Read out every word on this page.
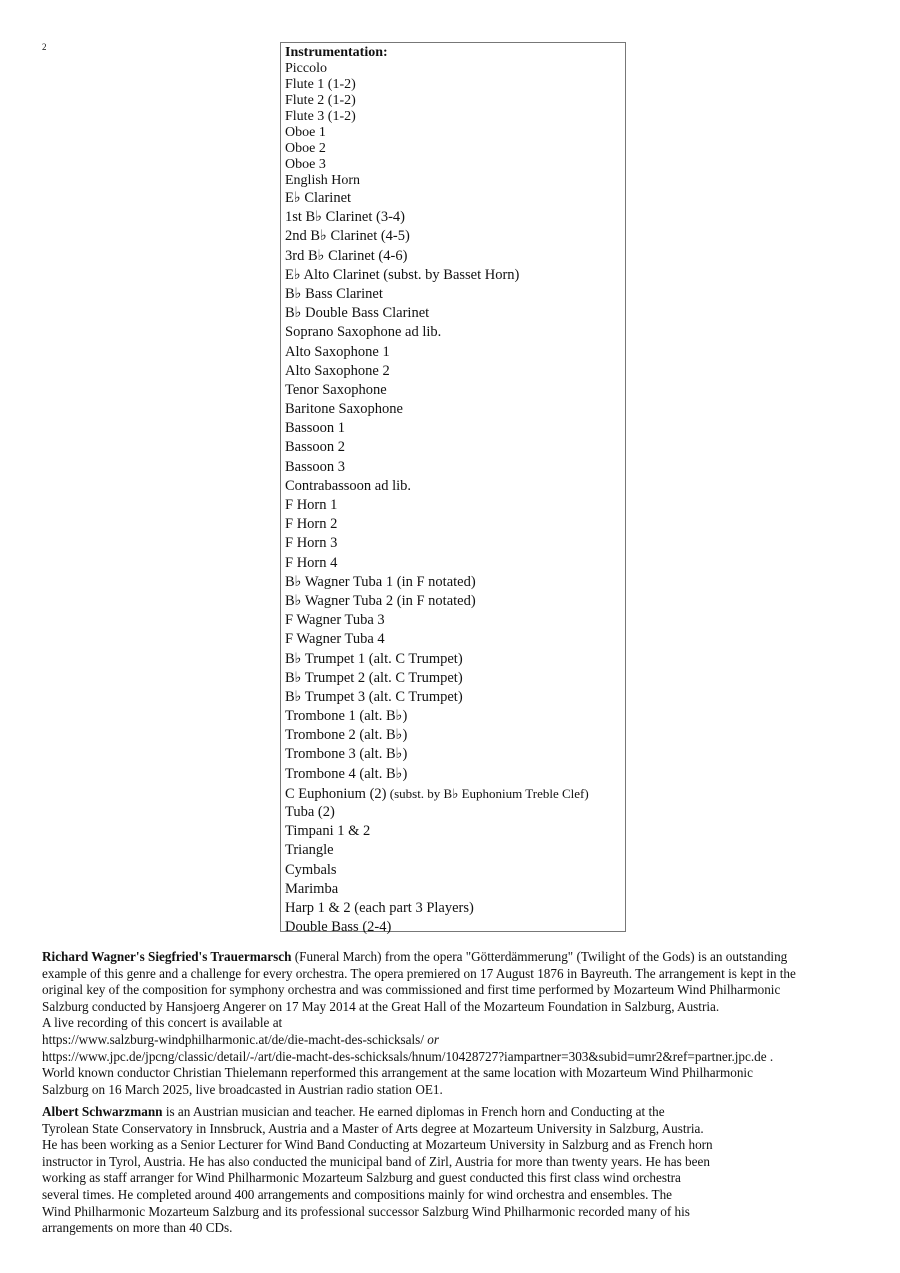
2	Instrumentation:
Piccolo
Flute 1 (1-2)
Flute 2 (1-2)
Flute 3 (1-2)
Oboe 1
Oboe 2
Oboe 3
English Horn
E♭ Clarinet
1st B♭ Clarinet (3-4)
2nd B♭ Clarinet (4-5)
3rd B♭ Clarinet (4-6)
E♭ Alto Clarinet (subst. by Basset Horn)
B♭ Bass Clarinet
B♭ Double Bass Clarinet
Soprano Saxophone ad lib.
Alto Saxophone 1
Alto Saxophone 2
Tenor Saxophone
Baritone Saxophone
Bassoon 1
Bassoon 2
Bassoon 3
Contrabassoon ad lib.
F Horn 1
F Horn 2
F Horn 3
F Horn 4
B♭ Wagner Tuba 1 (in F notated)
B♭ Wagner Tuba 2 (in F notated)
F Wagner Tuba 3
F Wagner Tuba 4
B♭ Trumpet 1 (alt. C Trumpet)
B♭ Trumpet 2 (alt. C Trumpet)
B♭ Trumpet 3 (alt. C Trumpet)
Trombone 1 (alt. B♭)
Trombone 2 (alt. B♭)
Trombone 3 (alt. B♭)
Trombone 4 (alt. B♭)
C Euphonium (2) (subst. by B♭ Euphonium Treble Clef)
Tuba (2)
Timpani 1 & 2
Triangle
Cymbals
Marimba
Harp 1 & 2 (each part 3 Players)
Double Bass (2-4)
Richard Wagner's Siegfried's Trauermarsch (Funeral March) from the opera "Götterdämmerung" (Twilight of the Gods) is an outstanding
example of this genre and a challenge for every orchestra. The opera premiered on 17 August 1876 in Bayreuth. The arrangement is kept in the
original key of the composition for symphony orchestra and was commissioned and first time performed by Mozarteum Wind Philharmonic
Salzburg conducted by Hansjoerg Angerer on 17 May 2014 at the Great Hall of the Mozarteum Foundation in Salzburg, Austria.
A live recording of this concert is available at
https://www.salzburg-windphilharmonic.at/de/die-macht-des-schicksals/ or
https://www.jpc.de/jpcng/classic/detail/-/art/die-macht-des-schicksals/hnum/10428727?iampartner=303&subid=umr2&ref=partner.jpc.de .
World known conductor Christian Thielemann reperformed this arrangement at the same location with Mozarteum Wind Philharmonic
Salzburg on 16 March 2025, live broadcasted in Austrian radio station OE1.
Albert Schwarzmann is an Austrian musician and teacher. He earned diplomas in French horn and Conducting at the
Tyrolean State Conservatory in Innsbruck, Austria and a Master of Arts degree at Mozarteum University in Salzburg, Austria.
He has been working as a Senior Lecturer for Wind Band Conducting at Mozarteum University in Salzburg and as French horn
instructor in Tyrol, Austria. He has also conducted the municipal band of Zirl, Austria for more than twenty years. He has been
working as staff arranger for Wind Philharmonic Mozarteum Salzburg and guest conducted this first class wind orchestra
several times. He completed around 400 arrangements and compositions mainly for wind orchestra and ensembles. The
Wind Philharmonic Mozarteum Salzburg and its professional successor Salzburg Wind Philharmonic recorded many of his
arrangements on more than 40 CDs.
